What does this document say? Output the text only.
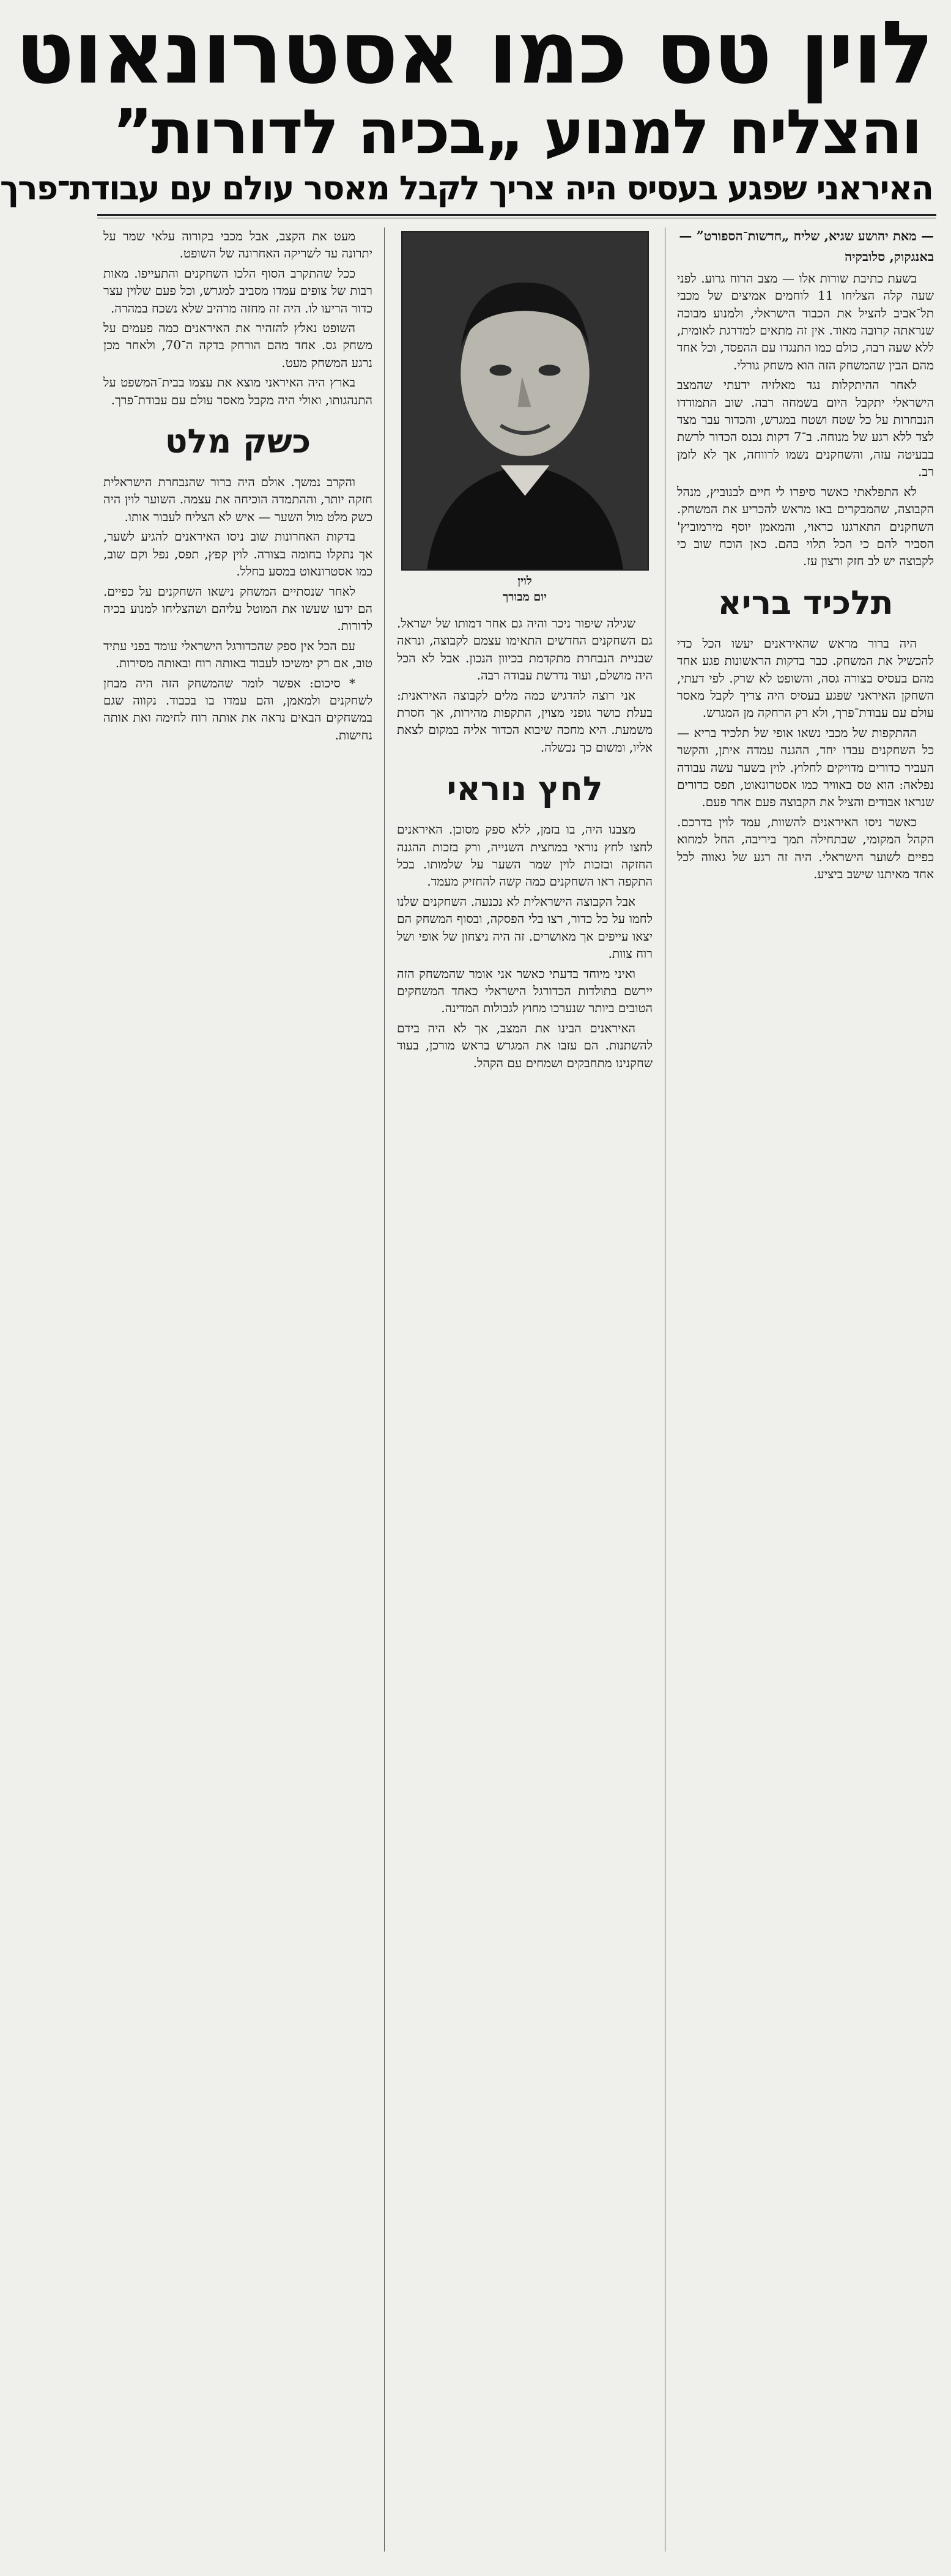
לוין טס כמו אסטרונאוט
והצליח למנוע „בכיה לדורות”
האיראני שפגע בעסיס היה צריך לקבל מאסר עולם עם עבודת־פרך
— מאת יהושע שגיא, שליח „חדשות־הספורט” —
באנגקוק, סלובקיה

בשעת כתיבת שורות אלו — מצב הרוח גרוע. לפני שעה קלה הצליחו 11 לוחמים אמיצים של מכבי תל־אביב להציל את הכבוד הישראלי, ולמנוע מבוכה שנראתה קרובה מאוד. אין זה מתאים למדרגת לאומית, ללא שעה רבה, כולם כמו התנגדו עם ההפסד, וכל אחד מהם הבין שהמשחק הזה הוא משחק גורלי.

לאחר ההיתקלות נגד מאלזיה ידעתי שהמצב הישראלי יתקבל היום בשמחה רבה. שוב התמודדו הנבחרות על כל שטח ושטח במגרש, והכדור עבר מצד לצד ללא רגע של מנוחה. ב־7 דקות נכנס הכדור לרשת בבעיטה עזה, והשחקנים נשמו לרווחה, אך לא לזמן רב.

לא התפלאתי כאשר סיפרו לי חיים לבנוביץ, מנהל הקבוצה, שהמבקרים באו מראש להכריע את המשחק. השחקנים התארגנו כראוי, והמאמן יוסף מירמוביץ' הסביר להם כי הכל תלוי בהם. כאן הוכח שוב כי לקבוצה יש לב חזק ורצון עז.

תלכיד בריא

היה ברור מראש שהאיראנים יעשו הכל כדי להכשיל את המשחק. כבר בדקות הראשונות פגע אחד מהם בעסיס בצורה גסה, והשופט לא שרק. לפי דעתי, השחקן האיראני שפגע בעסיס היה צריך לקבל מאסר עולם עם עבודת־פרך, ולא רק הרחקה מן המגרש.

ההתקפות של מכבי נשאו אופי של תלכיד בריא — כל השחקנים עבדו יחד, ההגנה עמדה איתן, והקשר העביר כדורים מדויקים לחלוץ. לוין בשער עשה עבודה נפלאה: הוא טס באוויר כמו אסטרונאוט, תפס כדורים שנראו אבודים והציל את הקבוצה פעם אחר פעם.

כאשר ניסו האיראנים להשוות, עמד לוין בדרכם. הקהל המקומי, שבתחילה תמך ביריבה, החל למחוא כפיים לשוער הישראלי. היה זה רגע של גאווה לכל אחד מאיתנו שישב ביציע.

לוין
יום מבורך

שגילה שיפור ניכר והיה גם אחר דמותו של ישראל. גם השחקנים החדשים התאימו עצמם לקבוצה, ונראה שבניית הנבחרת מתקדמת בכיוון הנכון. אבל לא הכל היה מושלם, ועוד נדרשת עבודה רבה.

אני רוצה להדגיש כמה מלים לקבוצה האיראנית: בעלת כושר גופני מצוין, התקפות מהירות, אך חסרת משמעת. היא מחכה שיבוא הכדור אליה במקום לצאת אליו, ומשום כך נכשלה.

לחץ נוראי

מצבנו היה, בו בזמן, ללא ספק מסוכן. האיראנים לחצו לחץ נוראי במחצית השנייה, ורק בזכות ההגנה החזקה ובזכות לוין שמר השער על שלמותו. בכל התקפה ראו השחקנים כמה קשה להחזיק מעמד.

אבל הקבוצה הישראלית לא נכנעה. השחקנים שלנו לחמו על כל כדור, רצו בלי הפסקה, ובסוף המשחק הם יצאו עייפים אך מאושרים. זה היה ניצחון של אופי ושל רוח צוות.

ואיני מיוחד בדעתי כאשר אני אומר שהמשחק הזה יירשם בתולדות הכדורגל הישראלי כאחד המשחקים הטובים ביותר שנערכו מחוץ לגבולות המדינה.

האיראנים הבינו את המצב, אך לא היה בידם להשתנות. הם עזבו את המגרש בראש מורכן, בעוד שחקנינו מתחבקים ושמחים עם הקהל.

מעט את הקצב, אבל מכבי בקורוה עלאי שמר על יתרונה עד לשריקה האחרונה של השופט.

ככל שהתקרב הסוף הלכו השחקנים והתעייפו. מאות רבות של צופים עמדו מסביב למגרש, וכל פעם שלוין עצר כדור הריעו לו. היה זה מחזה מרהיב שלא נשכח במהרה.

השופט נאלץ להזהיר את האיראנים כמה פעמים על משחק גס. אחד מהם הורחק בדקה ה־70, ולאחר מכן נרגע המשחק מעט.

בארץ היה האיראני מוצא את עצמו בבית־המשפט על התנהגותו, ואולי היה מקבל מאסר עולם עם עבודת־פרך.

כשק מלט

והקרב נמשך. אולם היה ברור שהנבחרת הישראלית חזקה יותר, וההתמדה הוכיחה את עצמה. השוער לוין היה כשק מלט מול השער — איש לא הצליח לעבור אותו.

בדקות האחרונות שוב ניסו האיראנים להגיע לשער, אך נתקלו בחומה בצורה. לוין קפץ, תפס, נפל וקם שוב, כמו אסטרונאוט במסע בחלל.

לאחר שנסתיים המשחק נישאו השחקנים על כפיים. הם ידעו שעשו את המוטל עליהם ושהצליחו למנוע בכיה לדורות.

עם הכל אין ספק שהכדורגל הישראלי עומד בפני עתיד טוב, אם רק ימשיכו לעבוד באותה רוח ובאותה מסירות.

* סיכום: אפשר לומר שהמשחק הזה היה מבחן לשחקנים ולמאמן, והם עמדו בו בכבוד. נקווה שגם במשחקים הבאים נראה את אותה רוח לחימה ואת אותה נחישות.
